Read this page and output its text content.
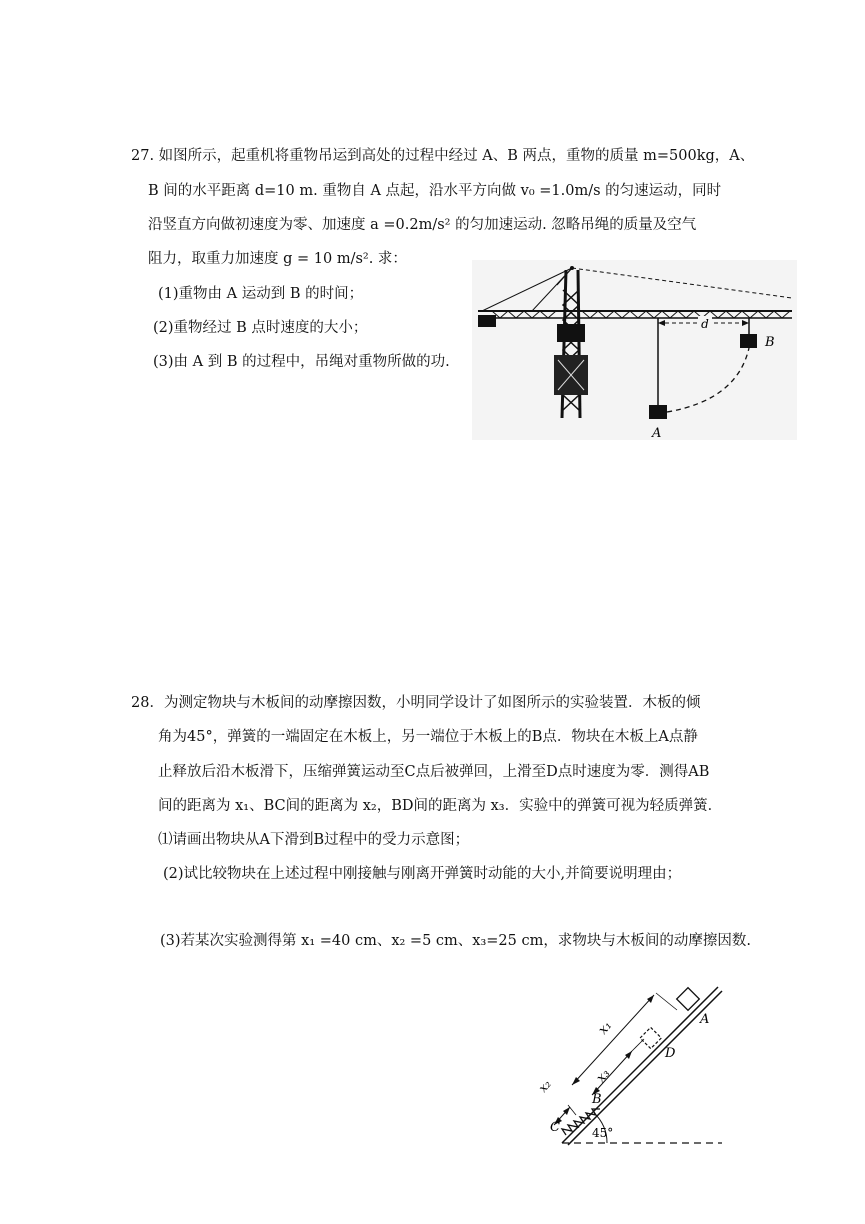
27. 如图所示，起重机将重物吊运到高处的过程中经过 A、B 两点，重物的质量 m=500kg，A、
B 间的水平距离 d=10 m. 重物自 A 点起，沿水平方向做 v₀ =1.0m/s 的匀速运动，同时
沿竖直方向做初速度为零、加速度 a =0.2m/s² 的匀加速运动. 忽略吊绳的质量及空气
阻力，取重力加速度 g = 10 m/s². 求：
(1)重物由 A 运动到 B 的时间；
(2)重物经过 B 点时速度的大小；
(3)由 A 到 B 的过程中，吊绳对重物所做的功.
d
B
A
28．为测定物块与木板间的动摩擦因数，小明同学设计了如图所示的实验装置．木板的倾
角为45°，弹簧的一端固定在木板上，另一端位于木板上的B点．物块在木板上A点静
止释放后沿木板滑下，压缩弹簧运动至C点后被弹回，上滑至D点时速度为零．测得AB
间的距离为 x₁、BC间的距离为 x₂，BD间的距离为 x₃．实验中的弹簧可视为轻质弹簧．
⑴请画出物块从A下滑到B过程中的受力示意图；
(2)试比较物块在上述过程中刚接触与刚离开弹簧时动能的大小,并简要说明理由；
(3)若某次实验测得第 x₁ =40 cm、x₂ =5 cm、x₃=25 cm，求物块与木板间的动摩擦因数.
45°
x₁
x₃
x₂
A
D
B
C
